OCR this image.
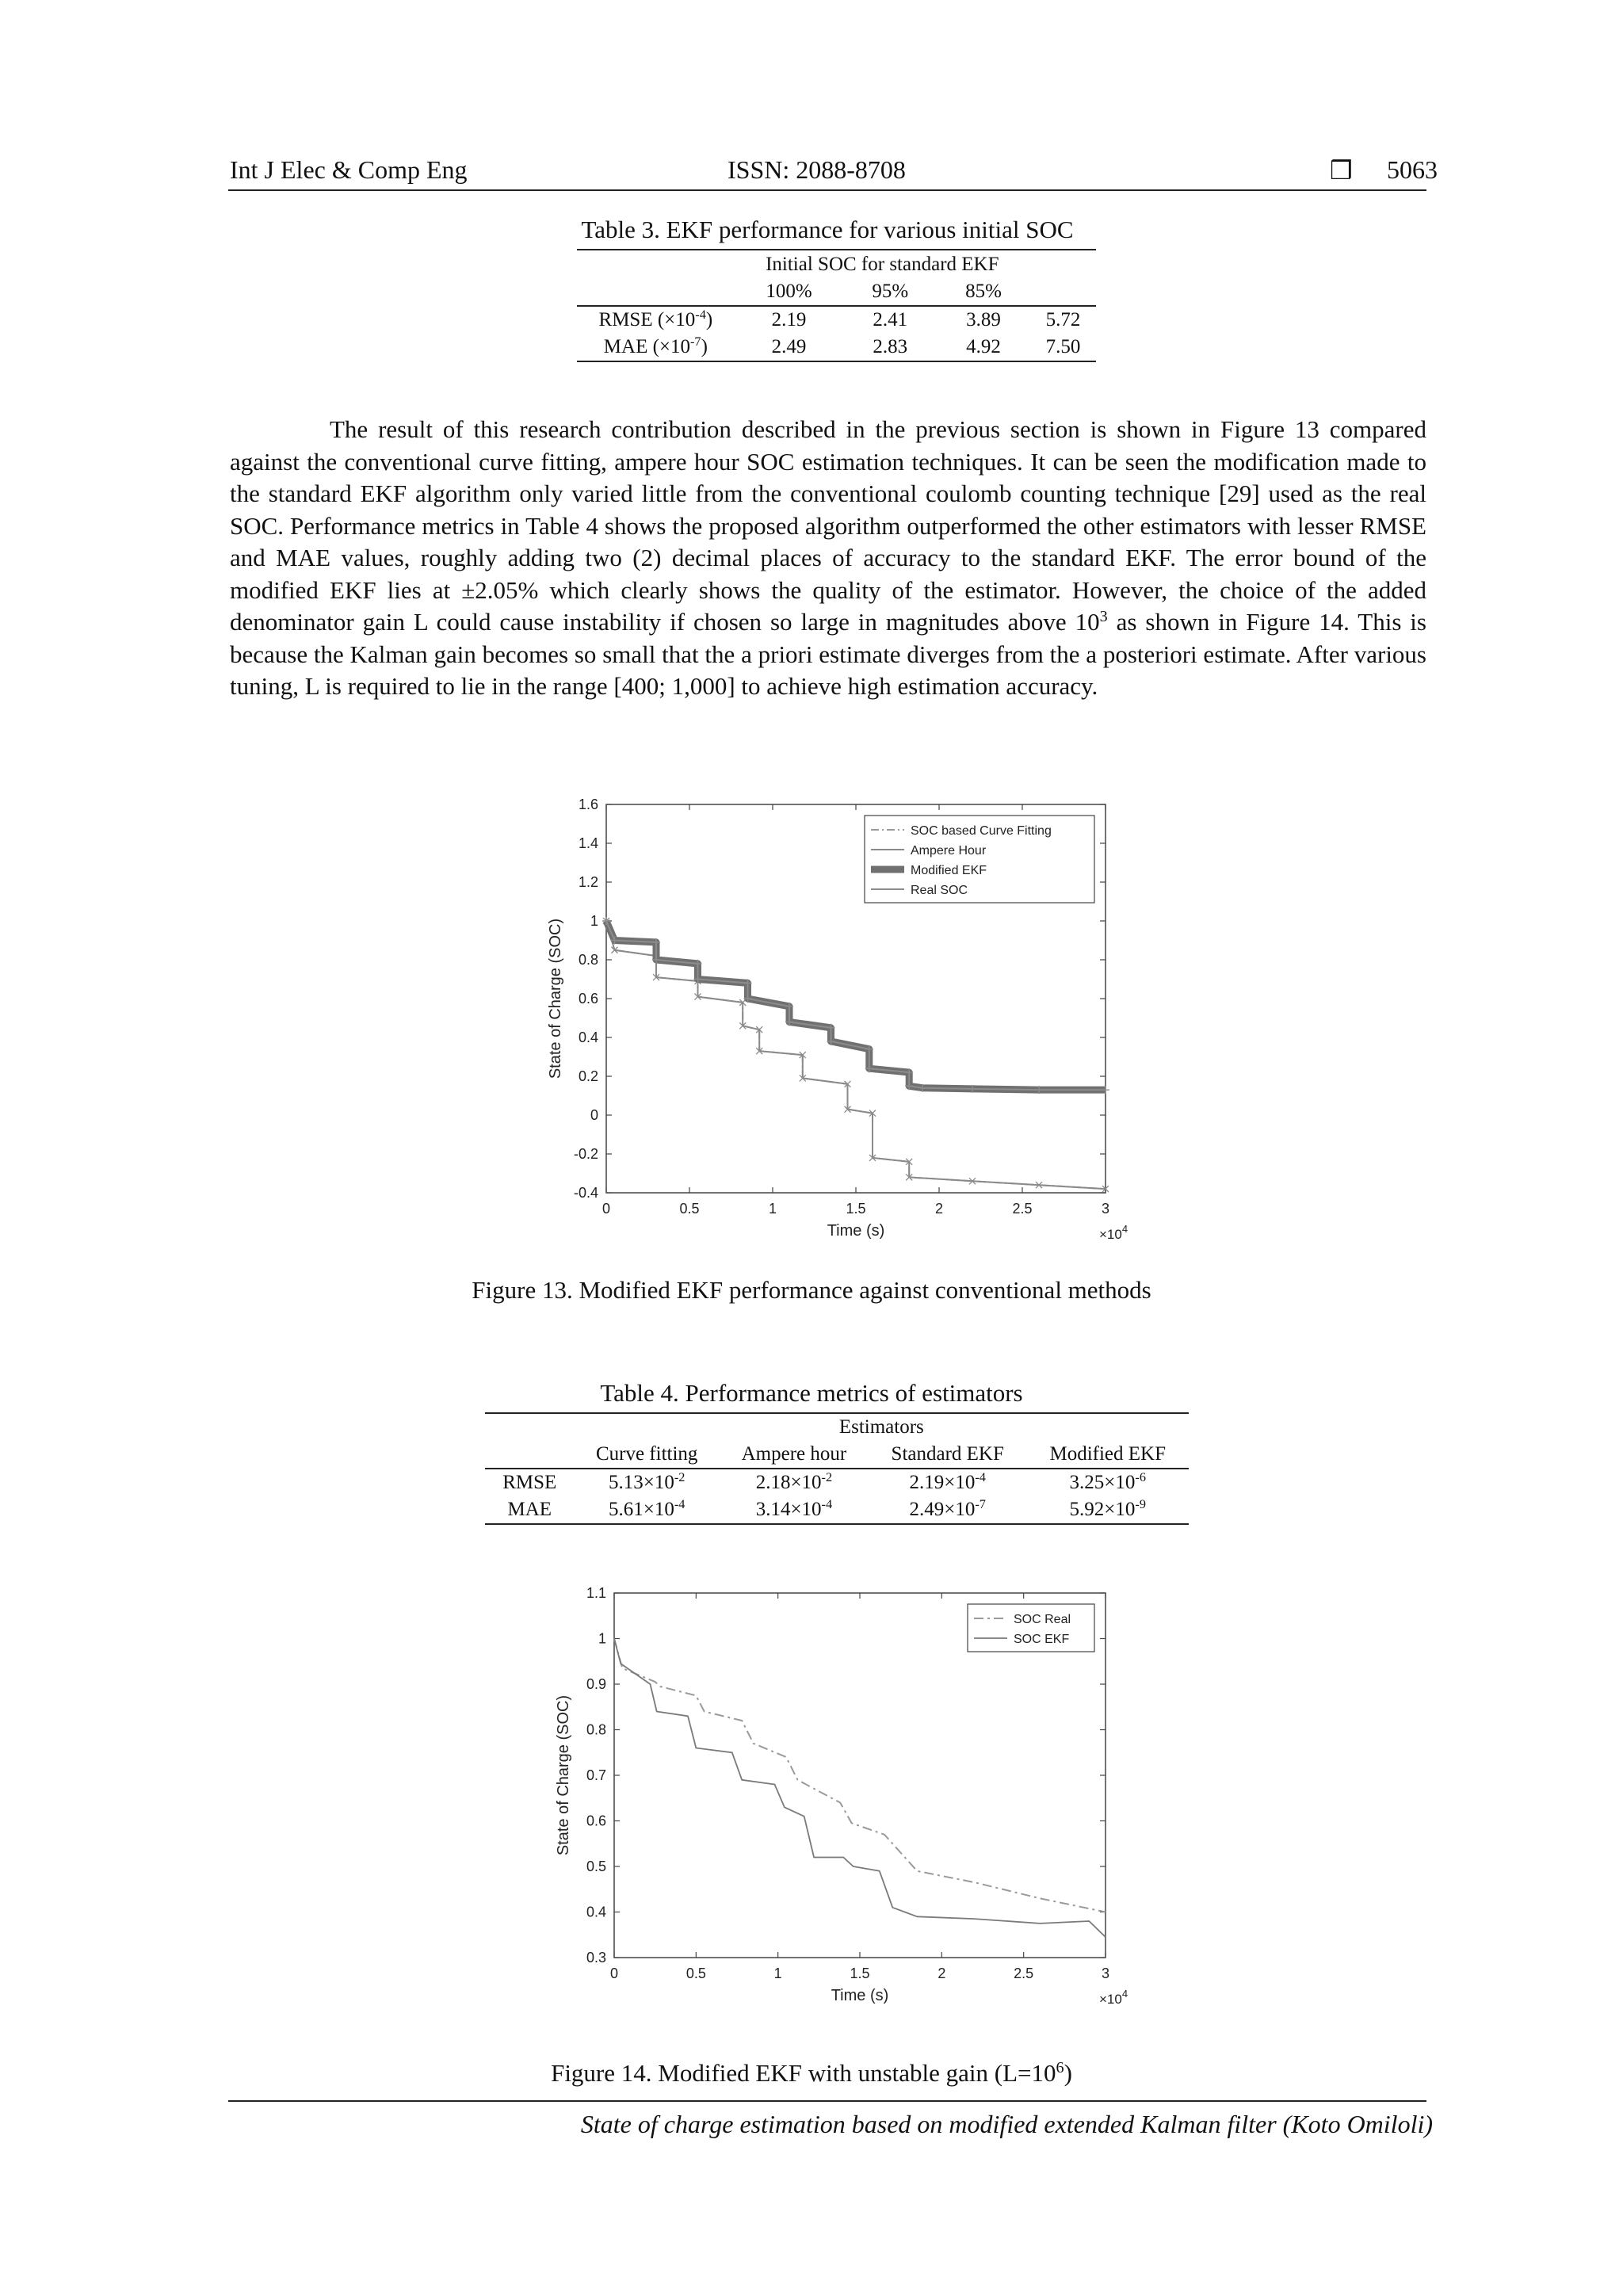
Int J Elec & Comp Eng	ISSN: 2088-8708	❒ 5063
Table 3. EKF performance for various initial SOC
	Initial SOC for standard EKF			
	100%	95%	85%	
RMSE $(\times 10^{-4})$	2.19	2.41	3.89	5.72
MAE $(\times 10^{-7})$	2.49	2.83	4.92	7.50

The result of this research contribution described in the previous section is shown in Figure 13 compared against the conventional curve fitting, ampere hour SOC estimation techniques. It can be seen the modification made to the standard EKF algorithm only varied little from the conventional coulomb counting technique [29] used as the real SOC. Performance metrics in Table 4 shows the proposed algorithm outperformed the other estimators with lesser RMSE and MAE values, roughly adding two (2) decimal places of accuracy to the standard EKF. The error bound of the modified EKF lies at ±2.05% which clearly shows the quality of the estimator. However, the choice of the added denominator gain L could cause instability if chosen so large in magnitudes above $10^3$ as shown in Figure 14. This is because the Kalman gain becomes so small that the a priori estimate diverges from the a posteriori estimate. After various tuning, L is required to lie in the range [400; 1,000] to achieve high estimation accuracy.

0	0.5	1	1.5	2	2.5	3
-0.4
-0.2
0
0.2
0.4
0.6
0.8
1
1.2
1.4
1.6
Time (s)
State of Charge (SOC)
$\times 10^4$
SOC based Curve Fitting
Ampere Hour
Modified EKF
Real SOC
Figure 13. Modified EKF performance against conventional methods
Table 4. Performance metrics of estimators
	Estimators			
	Curve fitting	Ampere hour	Standard EKF	Modified EKF
RMSE	$5.13\times 10^{-2}$	$2.18\times 10^{-2}$	$2.19\times 10^{-4}$	$3.25\times 10^{-6}$
MAE	$5.61\times 10^{-4}$	$3.14\times 10^{-4}$	$2.49\times 10^{-7}$	$5.92\times 10^{-9}$
0	0.5	1	1.5	2	2.5	3
0.3
0.4
0.5
0.6
0.7
0.8
0.9
1
1.1
Time (s)
State of Charge (SOC)
$\times 10^4$
SOC Real
SOC EKF
Figure 14. Modified EKF with unstable gain $(L=10^6)$
State of charge estimation based on modified extended Kalman filter (Koto Omiloli)
